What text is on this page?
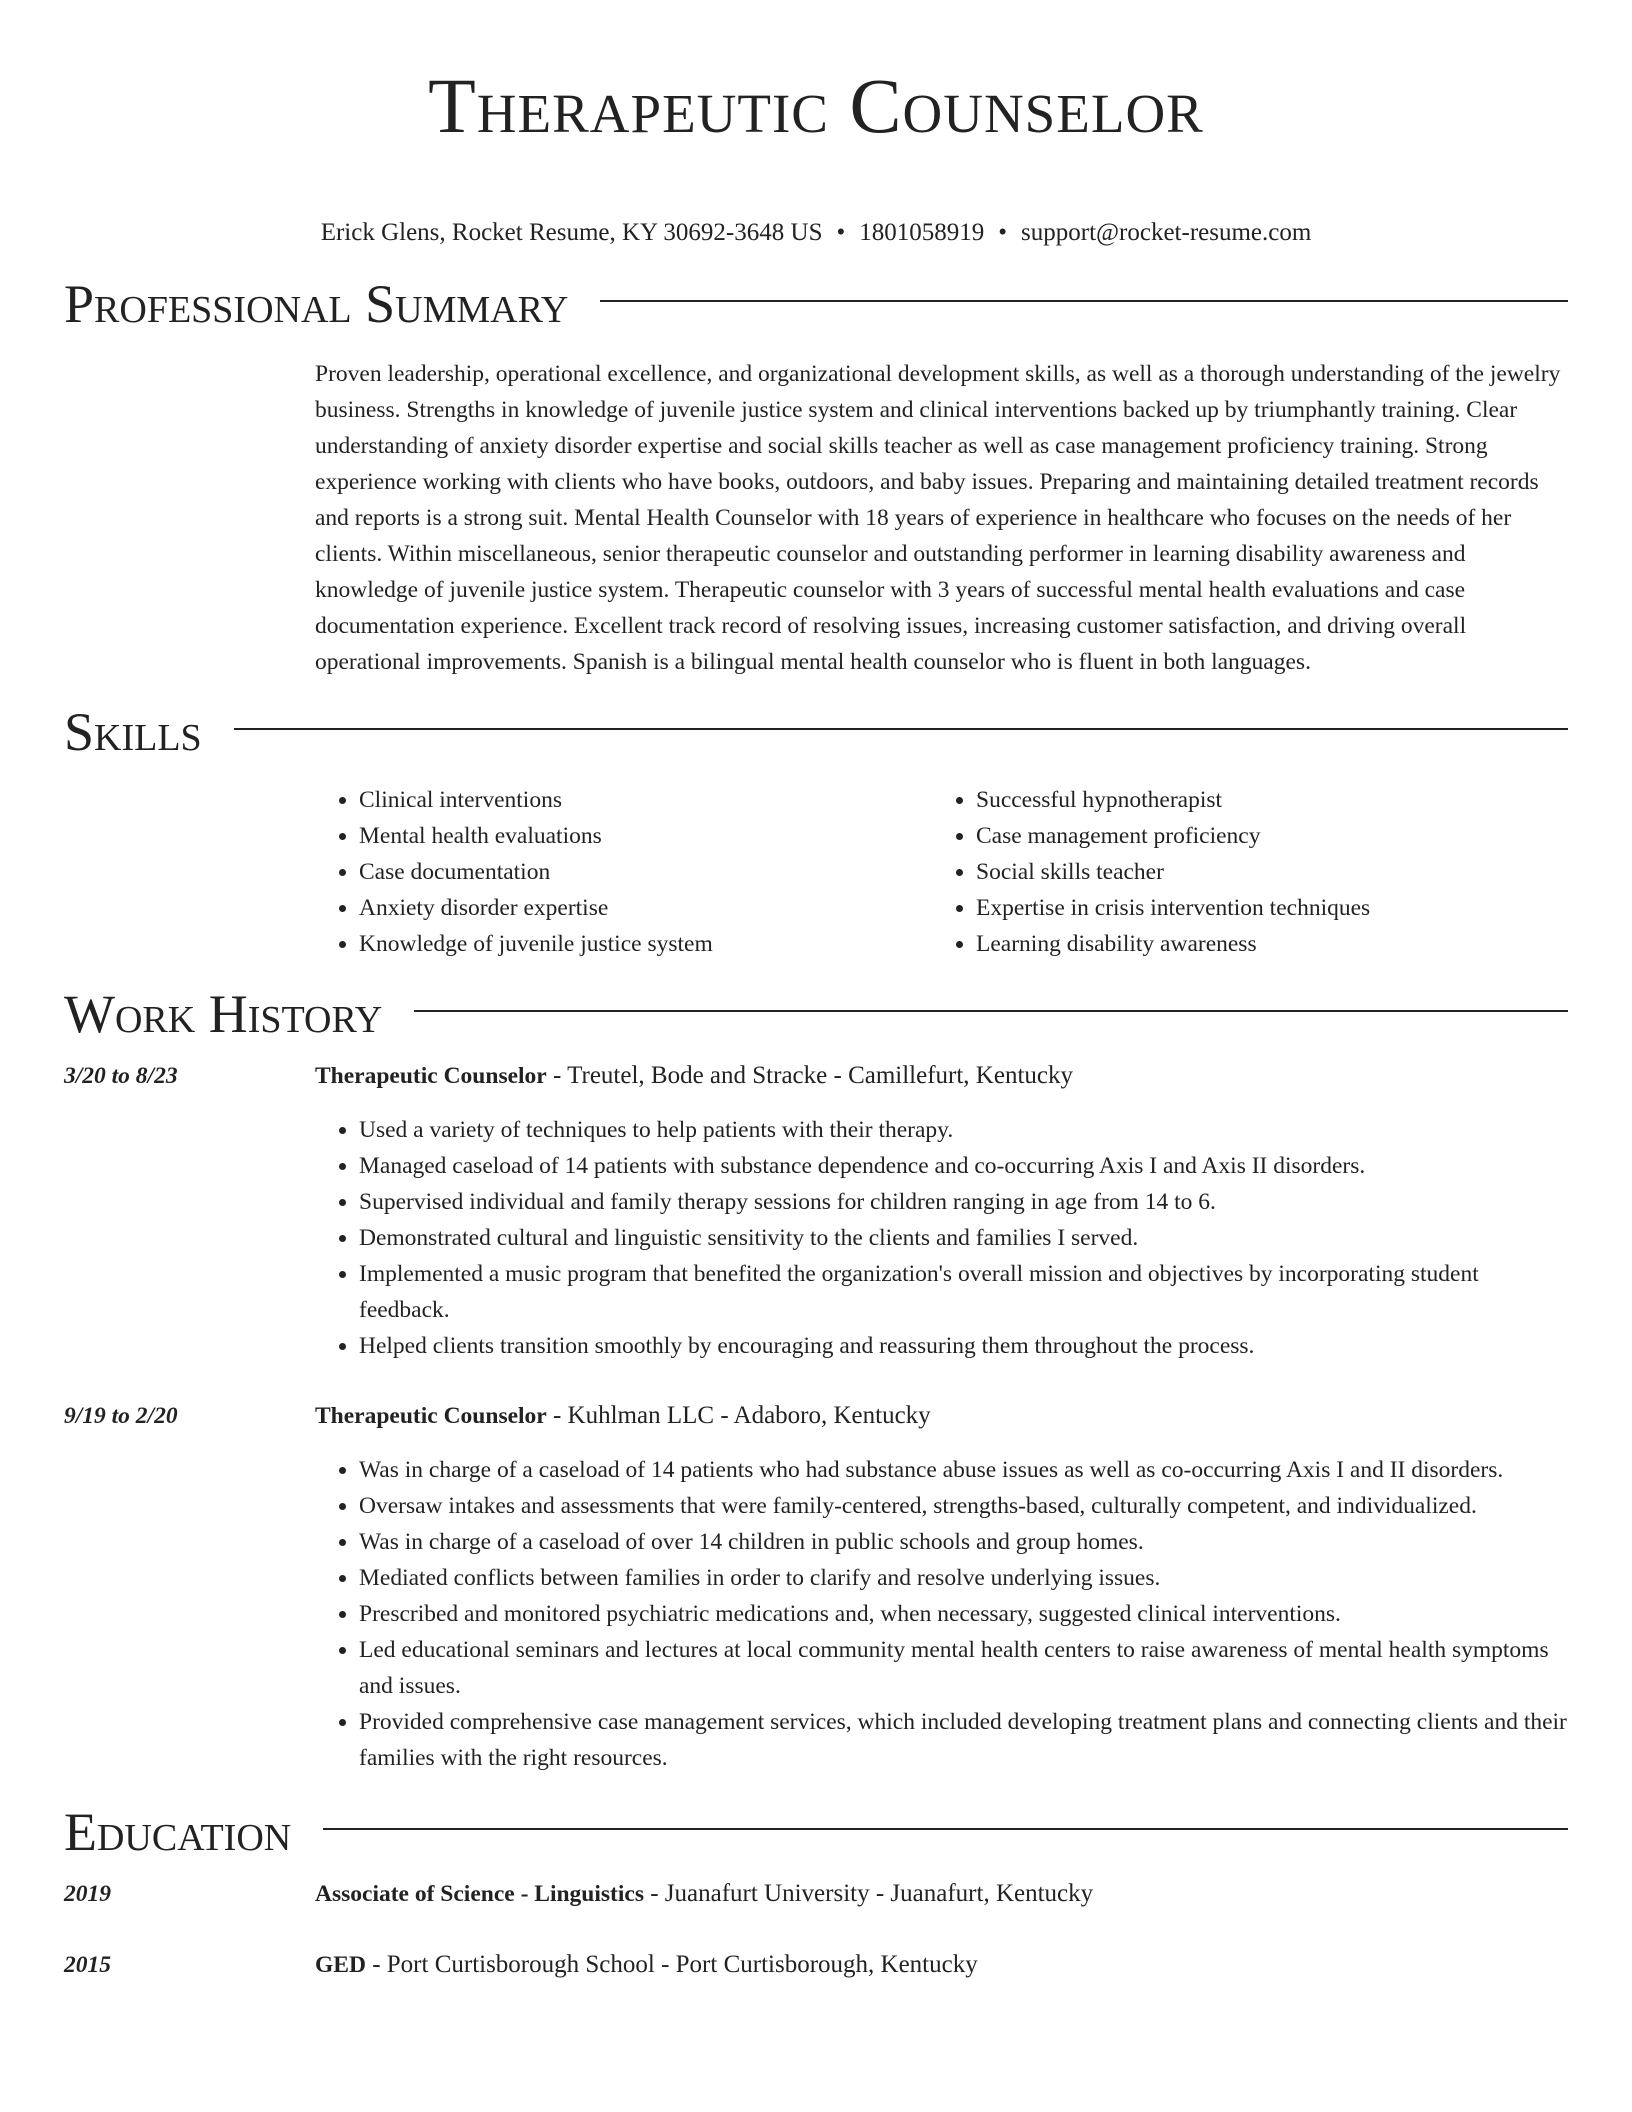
Therapeutic Counselor
Erick Glens, Rocket Resume, KY 30692-3648 US • 1801058919 • support@rocket-resume.com
Professional Summary

Proven leadership, operational excellence, and organizational development skills, as well as a thorough understanding of the jewelry business. Strengths in knowledge of juvenile justice system and clinical interventions backed up by triumphantly training. Clear understanding of anxiety disorder expertise and social skills teacher as well as case management proficiency training. Strong experience working with clients who have books, outdoors, and baby issues. Preparing and maintaining detailed treatment records and reports is a strong suit. Mental Health Counselor with 18 years of experience in healthcare who focuses on the needs of her clients. Within miscellaneous, senior therapeutic counselor and outstanding performer in learning disability awareness and knowledge of juvenile justice system. Therapeutic counselor with 3 years of successful mental health evaluations and case documentation experience. Excellent track record of resolving issues, increasing customer satisfaction, and driving overall operational improvements. Spanish is a bilingual mental health counselor who is fluent in both languages.

Skills
• Clinical interventions
• Mental health evaluations
• Case documentation
• Anxiety disorder expertise
• Knowledge of juvenile justice system
• Successful hypnotherapist
• Case management proficiency
• Social skills teacher
• Expertise in crisis intervention techniques
• Learning disability awareness
Work History
3/20 to 8/23	Therapeutic Counselor - Treutel, Bode and Stracke - Camillefurt, Kentucky
• Used a variety of techniques to help patients with their therapy.
• Managed caseload of 14 patients with substance dependence and co-occurring Axis I and Axis II disorders.
• Supervised individual and family therapy sessions for children ranging in age from 14 to 6.
• Demonstrated cultural and linguistic sensitivity to the clients and families I served.
• Implemented a music program that benefited the organization's overall mission and objectives by incorporating student feedback.
• Helped clients transition smoothly by encouraging and reassuring them throughout the process.
9/19 to 2/20	Therapeutic Counselor - Kuhlman LLC - Adaboro, Kentucky
• Was in charge of a caseload of 14 patients who had substance abuse issues as well as co-occurring Axis I and II disorders.
• Oversaw intakes and assessments that were family-centered, strengths-based, culturally competent, and individualized.
• Was in charge of a caseload of over 14 children in public schools and group homes.
• Mediated conflicts between families in order to clarify and resolve underlying issues.
• Prescribed and monitored psychiatric medications and, when necessary, suggested clinical interventions.
• Led educational seminars and lectures at local community mental health centers to raise awareness of mental health symptoms and issues.
• Provided comprehensive case management services, which included developing treatment plans and connecting clients and their families with the right resources.
Education
2019	Associate of Science - Linguistics - Juanafurt University - Juanafurt, Kentucky
2015	GED - Port Curtisborough School - Port Curtisborough, Kentucky
